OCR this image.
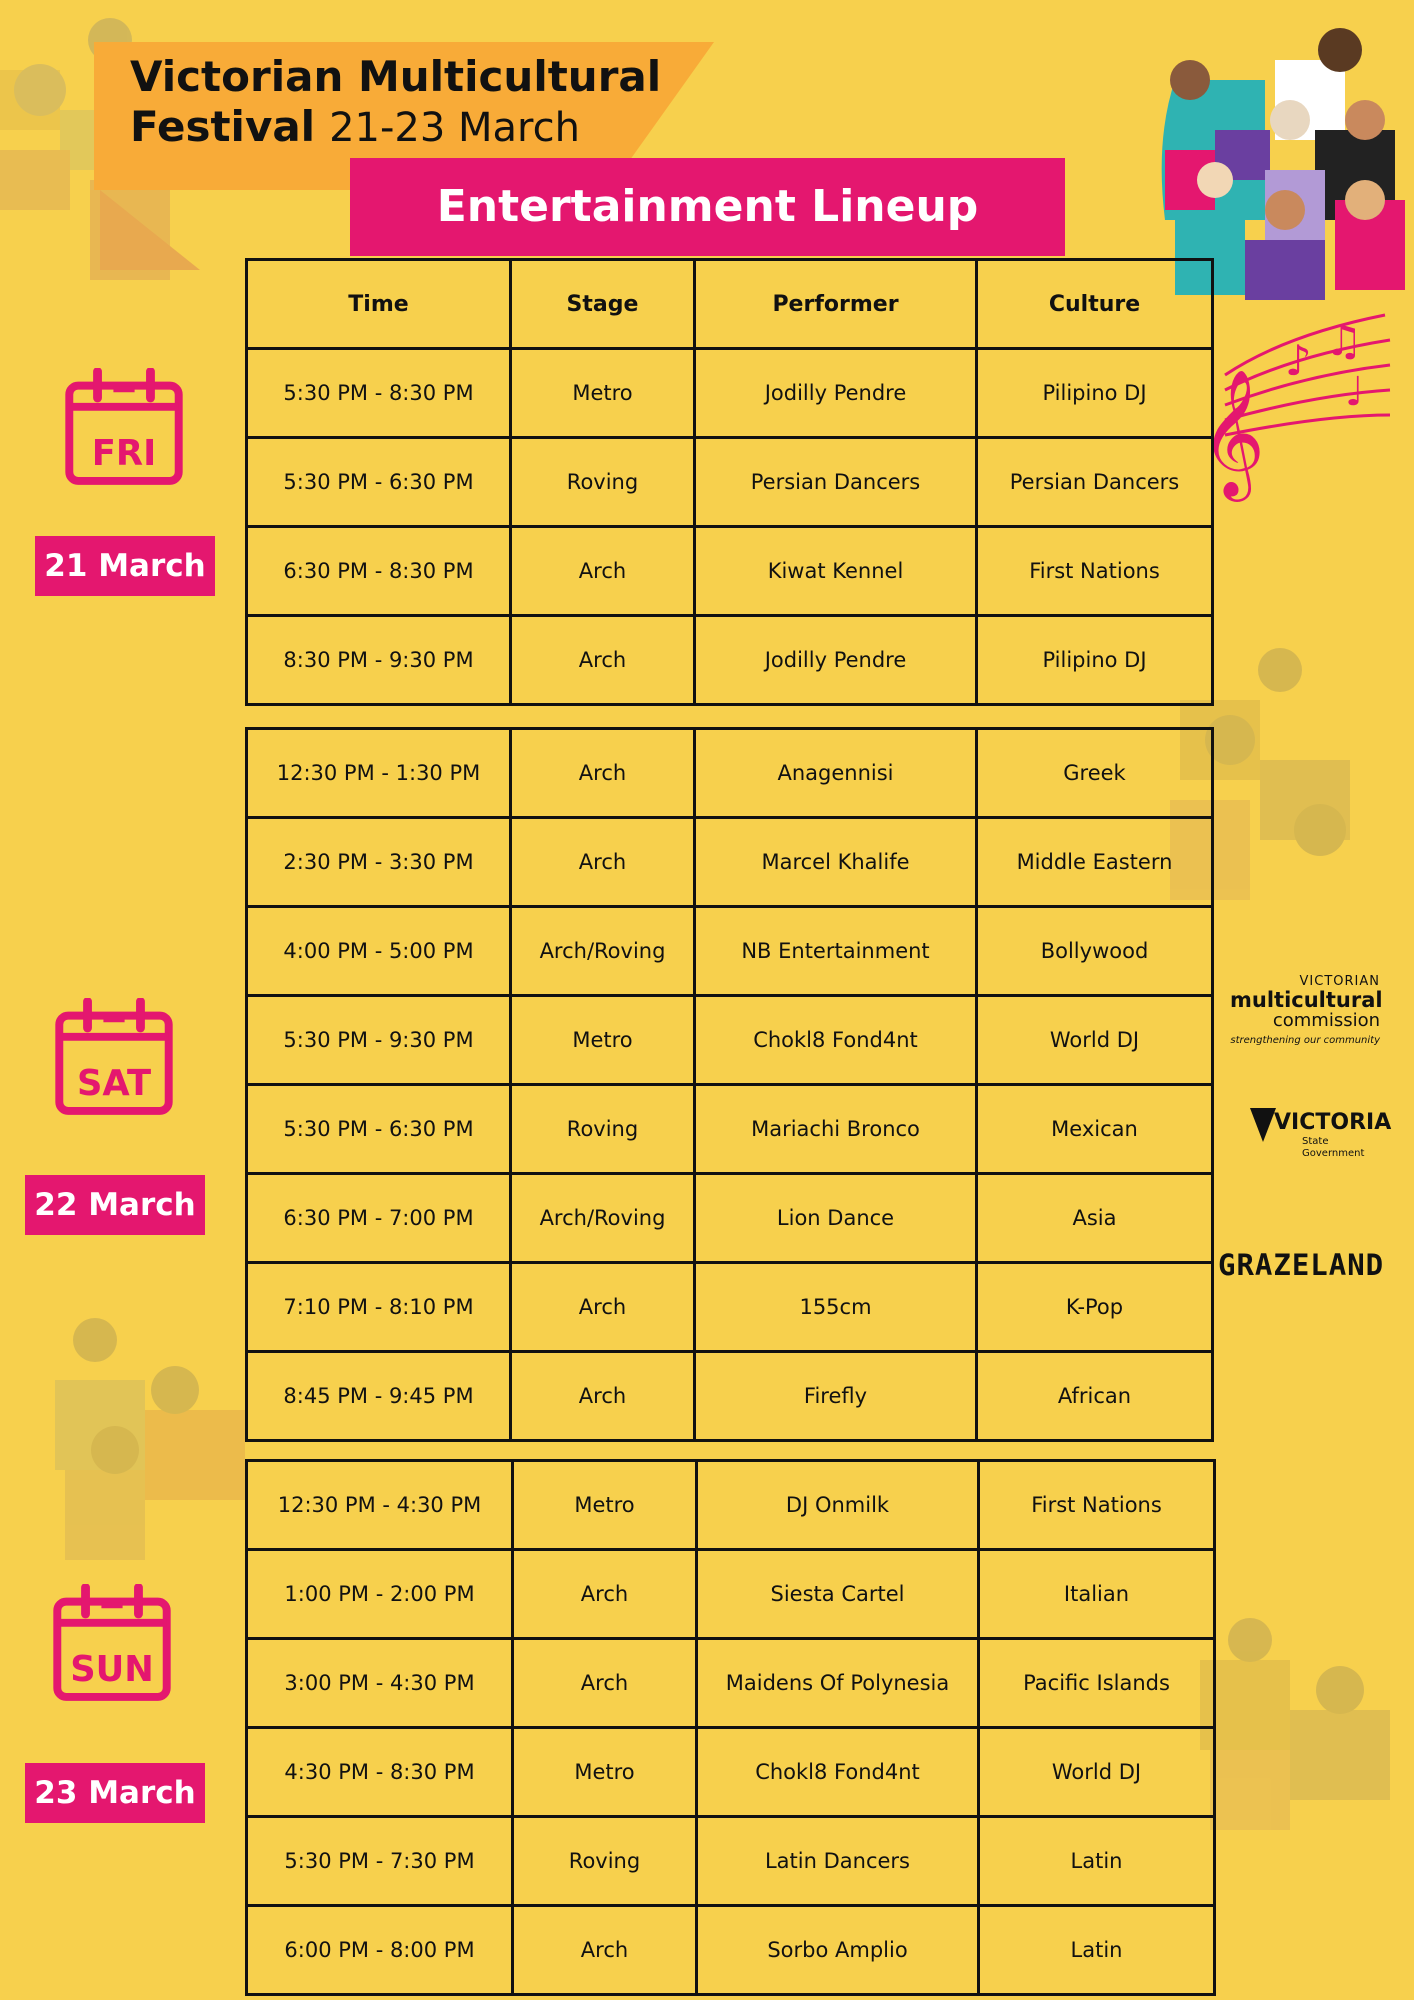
𝄞
♪ ♫
♩
Victorian Multicultural
Festival 21-23 March
Entertainment Lineup
FRI
21 March
SAT
22 March
SUN
23 March
Time	Stage	Performer	Culture
5:30 PM - 8:30 PM	Metro	Jodilly Pendre	Pilipino DJ
5:30 PM - 6:30 PM	Roving	Persian Dancers	Persian Dancers
6:30 PM - 8:30 PM	Arch	Kiwat Kennel	First Nations
8:30 PM - 9:30 PM	Arch	Jodilly Pendre	Pilipino DJ
12:30 PM - 1:30 PM	Arch	Anagennisi	Greek
2:30 PM - 3:30 PM	Arch	Marcel Khalife	Middle Eastern
4:00 PM - 5:00 PM	Arch/Roving	NB Entertainment	Bollywood
5:30 PM - 9:30 PM	Metro	Chokl8 Fond4nt	World DJ
5:30 PM - 6:30 PM	Roving	Mariachi Bronco	Mexican
6:30 PM - 7:00 PM	Arch/Roving	Lion Dance	Asia
7:10 PM - 8:10 PM	Arch	155cm	K-Pop
8:45 PM - 9:45 PM	Arch	Firefly	African
12:30 PM - 4:30 PM	Metro	DJ Onmilk	First Nations
1:00 PM - 2:00 PM	Arch	Siesta Cartel	Italian
3:00 PM - 4:30 PM	Arch	Maidens Of Polynesia	Pacific Islands
4:30 PM - 8:30 PM	Metro	Chokl8 Fond4nt	World DJ
5:30 PM - 7:30 PM	Roving	Latin Dancers	Latin
6:00 PM - 8:00 PM	Arch	Sorbo Amplio	Latin
VICTORIAN
multicultural
commission
strengthening our community
VICTORIA
State
Government
GRAZELAND
